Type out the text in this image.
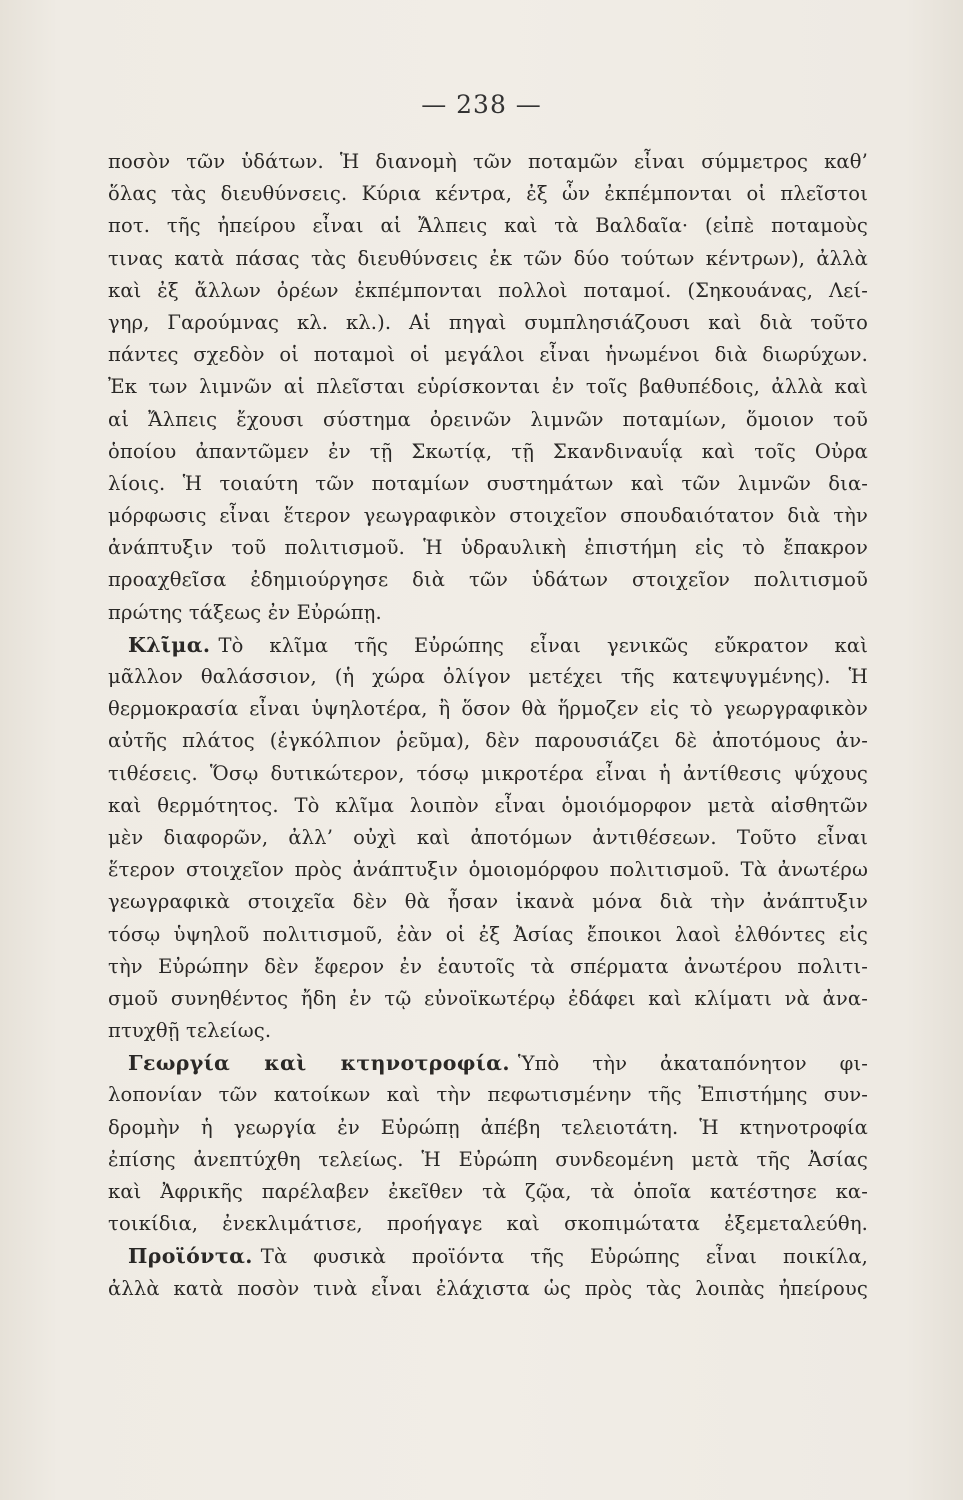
— 238 —
ποσὸν τῶν ὑδάτων. Ἡ διανομὴ τῶν ποταμῶν εἶναι σύμμετρος καθ’
ὅλας τὰς διευθύνσεις. Κύρια κέντρα, ἐξ ὧν ἐκπέμπονται οἱ πλεῖστοι
ποτ. τῆς ἠπείρου εἶναι αἱ Ἄλπεις καὶ τὰ Βαλδαῖα· (εἰπὲ ποταμοὺς
τινας κατὰ πάσας τὰς διευθύνσεις ἐκ τῶν δύο τούτων κέντρων), ἀλλὰ
καὶ ἐξ ἄλλων ὀρέων ἐκπέμπονται πολλοὶ ποταμοί. (Σηκουάνας, Λεί-
γηρ, Γαρούμνας κλ. κλ.). Αἱ πηγαὶ συμπλησιάζουσι καὶ διὰ τοῦτο
πάντες σχεδὸν οἱ ποταμοὶ οἱ μεγάλοι εἶναι ἡνωμένοι διὰ διωρύχων.
Ἐκ των λιμνῶν αἱ πλεῖσται εὑρίσκονται ἐν τοῖς βαθυπέδοις, ἀλλὰ καὶ
αἱ Ἄλπεις ἔχουσι σύστημα ὀρεινῶν λιμνῶν ποταμίων, ὅμοιον τοῦ
ὁποίου ἀπαντῶμεν ἐν τῇ Σκωτίᾳ, τῇ Σκανδιναυΐᾳ καὶ τοῖς Οὐρα
λίοις. Ἡ τοιαύτη τῶν ποταμίων συστημάτων καὶ τῶν λιμνῶν δια-
μόρφωσις εἶναι ἕτερον γεωγραφικὸν στοιχεῖον σπουδαιότατον διὰ τὴν
ἀνάπτυξιν τοῦ πολιτισμοῦ. Ἡ ὑδραυλικὴ ἐπιστήμη εἰς τὸ ἔπακρον
προαχθεῖσα ἐδημιούργησε διὰ τῶν ὑδάτων στοιχεῖον πολιτισμοῦ
πρώτης τάξεως ἐν Εὐρώπῃ.
Κλῖμα. Τὸ κλῖμα τῆς Εὐρώπης εἶναι γενικῶς εὔκρατον καὶ
μᾶλλον θαλάσσιον, (ἡ χώρα ὀλίγον μετέχει τῆς κατεψυγμένης). Ἡ
θερμοκρασία εἶναι ὑψηλοτέρα, ἢ ὅσον θὰ ἥρμοζεν εἰς τὸ γεωργραφικὸν
αὐτῆς πλάτος (ἐγκόλπιον ῥεῦμα), δὲν παρουσιάζει δὲ ἀποτόμους ἀν-
τιθέσεις. Ὅσῳ δυτικώτερον, τόσῳ μικροτέρα εἶναι ἡ ἀντίθεσις ψύχους
καὶ θερμότητος. Τὸ κλῖμα λοιπὸν εἶναι ὁμοιόμορφον μετὰ αἰσθητῶν
μὲν διαφορῶν, ἀλλ’ οὐχὶ καὶ ἀποτόμων ἀντιθέσεων. Τοῦτο εἶναι
ἕτερον στοιχεῖον πρὸς ἀνάπτυξιν ὁμοιομόρφου πολιτισμοῦ. Τὰ ἀνωτέρω
γεωγραφικὰ στοιχεῖα δὲν θὰ ἦσαν ἱκανὰ μόνα διὰ τὴν ἀνάπτυξιν
τόσῳ ὑψηλοῦ πολιτισμοῦ, ἐὰν οἱ ἐξ Ἀσίας ἔποικοι λαοὶ ἐλθόντες εἰς
τὴν Εὐρώπην δὲν ἔφερον ἐν ἑαυτοῖς τὰ σπέρματα ἀνωτέρου πολιτι-
σμοῦ συνηθέντος ἤδη ἐν τῷ εὐνοϊκωτέρῳ ἐδάφει καὶ κλίματι νὰ ἀνα-
πτυχθῇ τελείως.
Γεωργία καὶ κτηνοτροφία. Ὑπὸ τὴν ἀκαταπόνητον φι-
λοπονίαν τῶν κατοίκων καὶ τὴν πεφωτισμένην τῆς Ἐπιστήμης συν-
δρομὴν ἡ γεωργία ἐν Εὐρώπῃ ἀπέβη τελειοτάτη. Ἡ κτηνοτροφία
ἐπίσης ἀνεπτύχθη τελείως. Ἡ Εὐρώπη συνδεομένη μετὰ τῆς Ἀσίας
καὶ Ἀφρικῆς παρέλαβεν ἐκεῖθεν τὰ ζῷα, τὰ ὁποῖα κατέστησε κα-
τοικίδια, ἐνεκλιμάτισε, προήγαγε καὶ σκοπιμώτατα ἐξεμεταλεύθη.
Προϊόντα. Τὰ φυσικὰ προϊόντα τῆς Εὐρώπης εἶναι ποικίλα,
ἀλλὰ κατὰ ποσὸν τινὰ εἶναι ἐλάχιστα ὡς πρὸς τὰς λοιπὰς ἠπείρους
